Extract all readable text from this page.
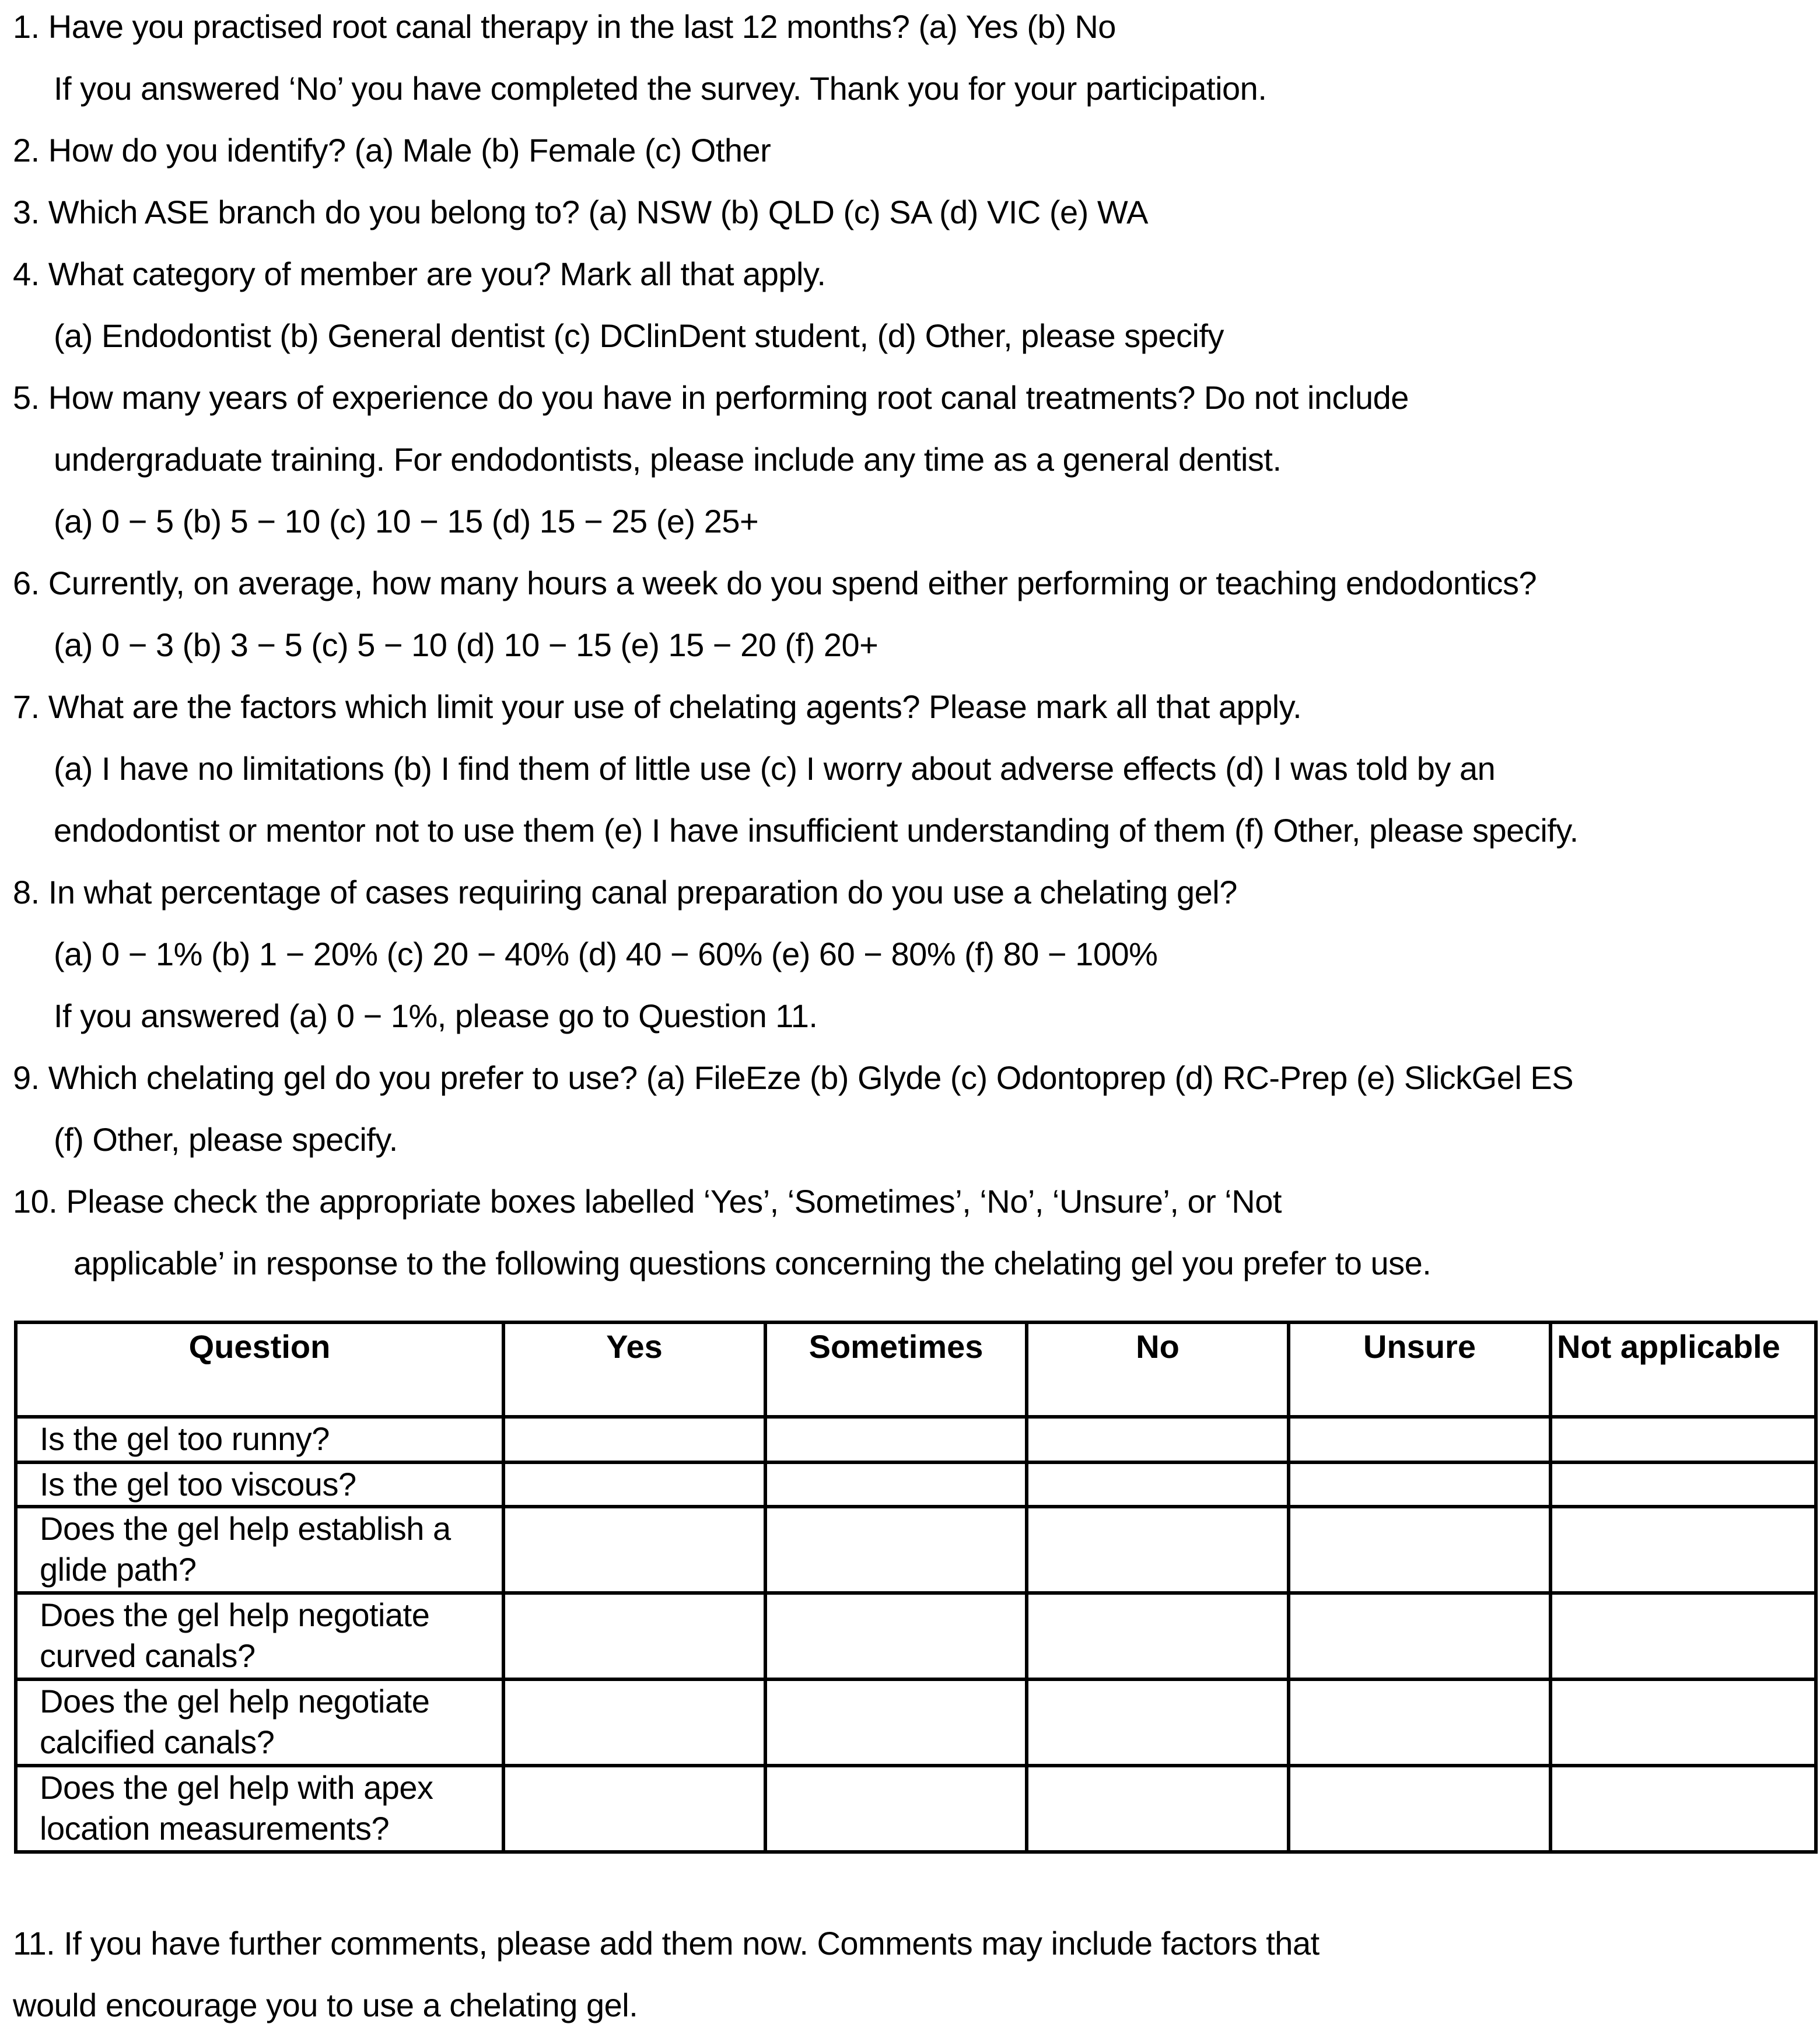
1. Have you practised root canal therapy in the last 12 months? (a) Yes (b) No
If you answered ‘No’ you have completed the survey. Thank you for your participation.
2. How do you identify? (a) Male (b) Female (c) Other
3. Which ASE branch do you belong to? (a) NSW (b) QLD (c) SA (d) VIC (e) WA
4. What category of member are you? Mark all that apply.
(a) Endodontist (b) General dentist (c) DClinDent student, (d) Other, please specify
5. How many years of experience do you have in performing root canal treatments? Do not include
undergraduate training. For endodontists, please include any time as a general dentist.
(a) 0 − 5 (b) 5 − 10 (c) 10 − 15 (d) 15 − 25 (e) 25+
6. Currently, on average, how many hours a week do you spend either performing or teaching endodontics?
(a) 0 − 3 (b) 3 − 5 (c) 5 − 10 (d) 10 − 15 (e) 15 − 20 (f) 20+
7. What are the factors which limit your use of chelating agents? Please mark all that apply.
(a) I have no limitations (b) I find them of little use (c) I worry about adverse effects (d) I was told by an
endodontist or mentor not to use them (e) I have insufficient understanding of them (f) Other, please specify.
8. In what percentage of cases requiring canal preparation do you use a chelating gel?
(a) 0 − 1% (b) 1 − 20% (c) 20 − 40% (d) 40 − 60% (e) 60 − 80% (f) 80 − 100%
If you answered (a) 0 − 1%, please go to Question 11.
9. Which chelating gel do you prefer to use? (a) FileEze (b) Glyde (c) Odontoprep (d) RC-Prep (e) SlickGel ES
(f) Other, please specify.
10. Please check the appropriate boxes labelled ‘Yes’, ‘Sometimes’, ‘No’, ‘Unsure’, or ‘Not
applicable’ in response to the following questions concerning the chelating gel you prefer to use.
Question	Yes	Sometimes	No	Unsure	Not applicable
Is the gel too runny?					
Is the gel too viscous?					
Does the gel help establish a glide path?					
Does the gel help negotiate curved canals?					
Does the gel help negotiate calcified canals?					
Does the gel help with apex location measurements?					
11. If you have further comments, please add them now. Comments may include factors that
would encourage you to use a chelating gel.
